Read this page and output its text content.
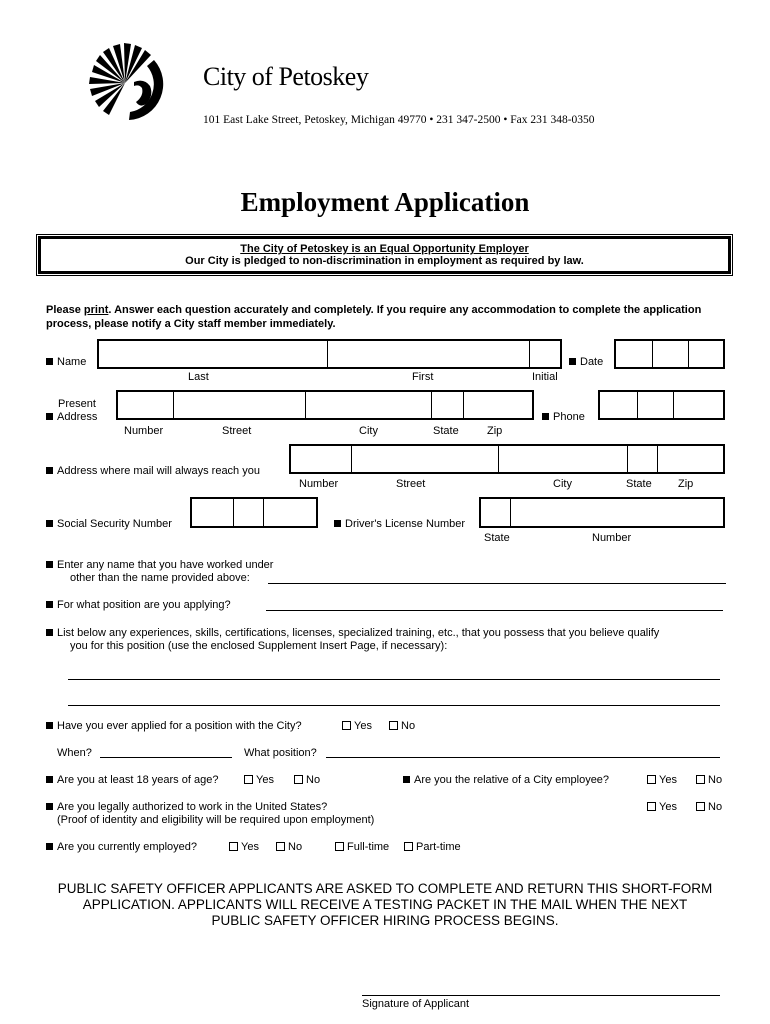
City of Petoskey
101 East Lake Street, Petoskey, Michigan 49770 • 231 347-2500 • Fax 231 348-0350
Employment Application
The City of Petoskey is an Equal Opportunity Employer
Our City is pledged to non-discrimination in employment as required by law.
Please print. Answer each question accurately and completely. If you require any accommodation to complete the application
process, please notify a City staff member immediately.
Name
Last	First	Initial
Date
Present
Address
Number	Street	City	State	Zip
Phone
Address where mail will always reach you
Number	Street	City	State Zip
Social Security Number	Driver's License Number
State	Number
Enter any name that you have worked under
other than the name provided above:
For what position are you applying?
List below any experiences, skills, certifications, licenses, specialized training, etc., that you possess that you believe qualify
you for this position (use the enclosed Supplement Insert Page, if necessary):
Have you ever applied for a position with the City?	Yes	No
When?	What position?
Are you at least 18 years of age?	Yes	No	Are you the relative of a City employee?	Yes	No
Are you legally authorized to work in the United States?
(Proof of identity and eligibility will be required upon employment)
Yes	No
Are you currently employed?	Yes	No	Full-time	Part-time
PUBLIC SAFETY OFFICER APPLICANTS ARE ASKED TO COMPLETE AND RETURN THIS SHORT-FORM
APPLICATION. APPLICANTS WILL RECEIVE A TESTING PACKET IN THE MAIL WHEN THE NEXT
PUBLIC SAFETY OFFICER HIRING PROCESS BEGINS.
Signature of Applicant
